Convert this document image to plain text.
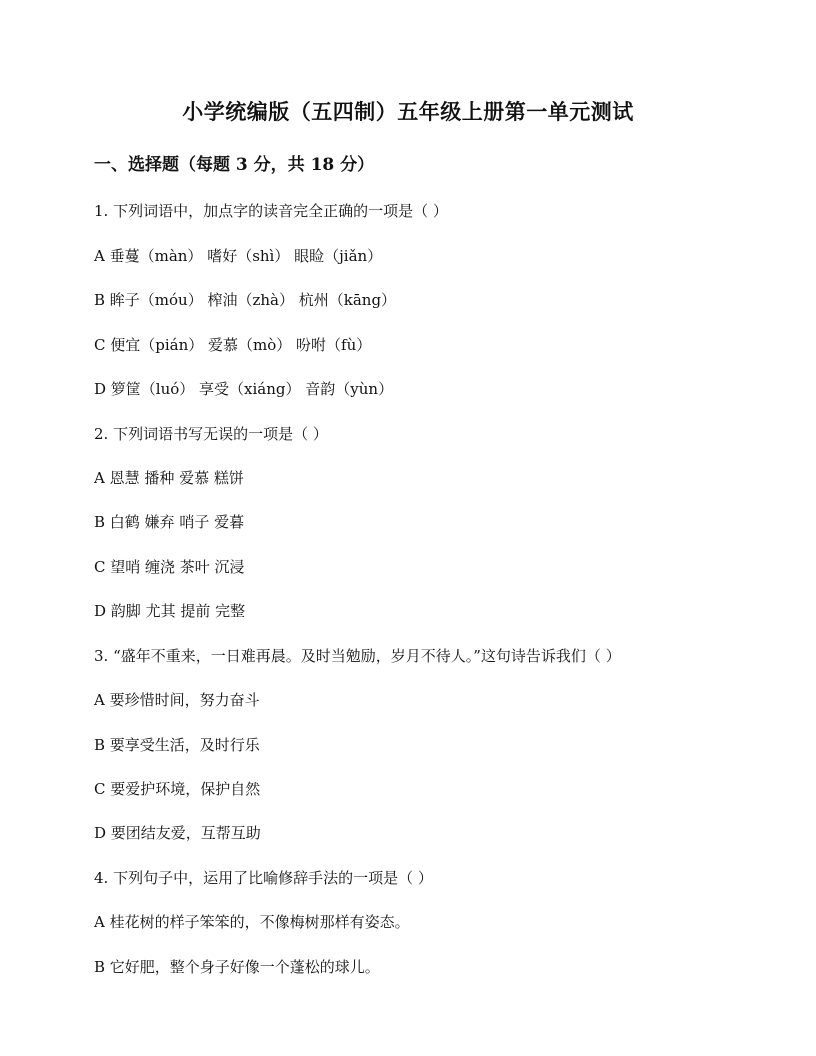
小学统编版（五四制）五年级上册第一单元测试
一、选择题（每题 3 分，共 18 分）
1. 下列词语中，加点字的读音完全正确的一项是（ ）
A 垂蔓（màn） 嗜好（shì） 眼睑（jiǎn）
B 眸子（móu） 榨油（zhà） 杭州（kāng）
C 便宜（pián） 爱慕（mò） 吩咐（fù）
D 箩筐（luó） 享受（xiáng） 音韵（yùn）
2. 下列词语书写无误的一项是（ ）
A 恩慧 播种 爱慕 糕饼
B 白鹤 嫌弃 哨子 爱暮
C 望哨 缠浇 茶叶 沉浸
D 韵脚 尤其 提前 完整
3. “盛年不重来，一日难再晨。及时当勉励，岁月不待人。”这句诗告诉我们（ ）
A 要珍惜时间，努力奋斗
B 要享受生活，及时行乐
C 要爱护环境，保护自然
D 要团结友爱，互帮互助
4. 下列句子中，运用了比喻修辞手法的一项是（ ）
A 桂花树的样子笨笨的，不像梅树那样有姿态。
B 它好肥，整个身子好像一个蓬松的球儿。
